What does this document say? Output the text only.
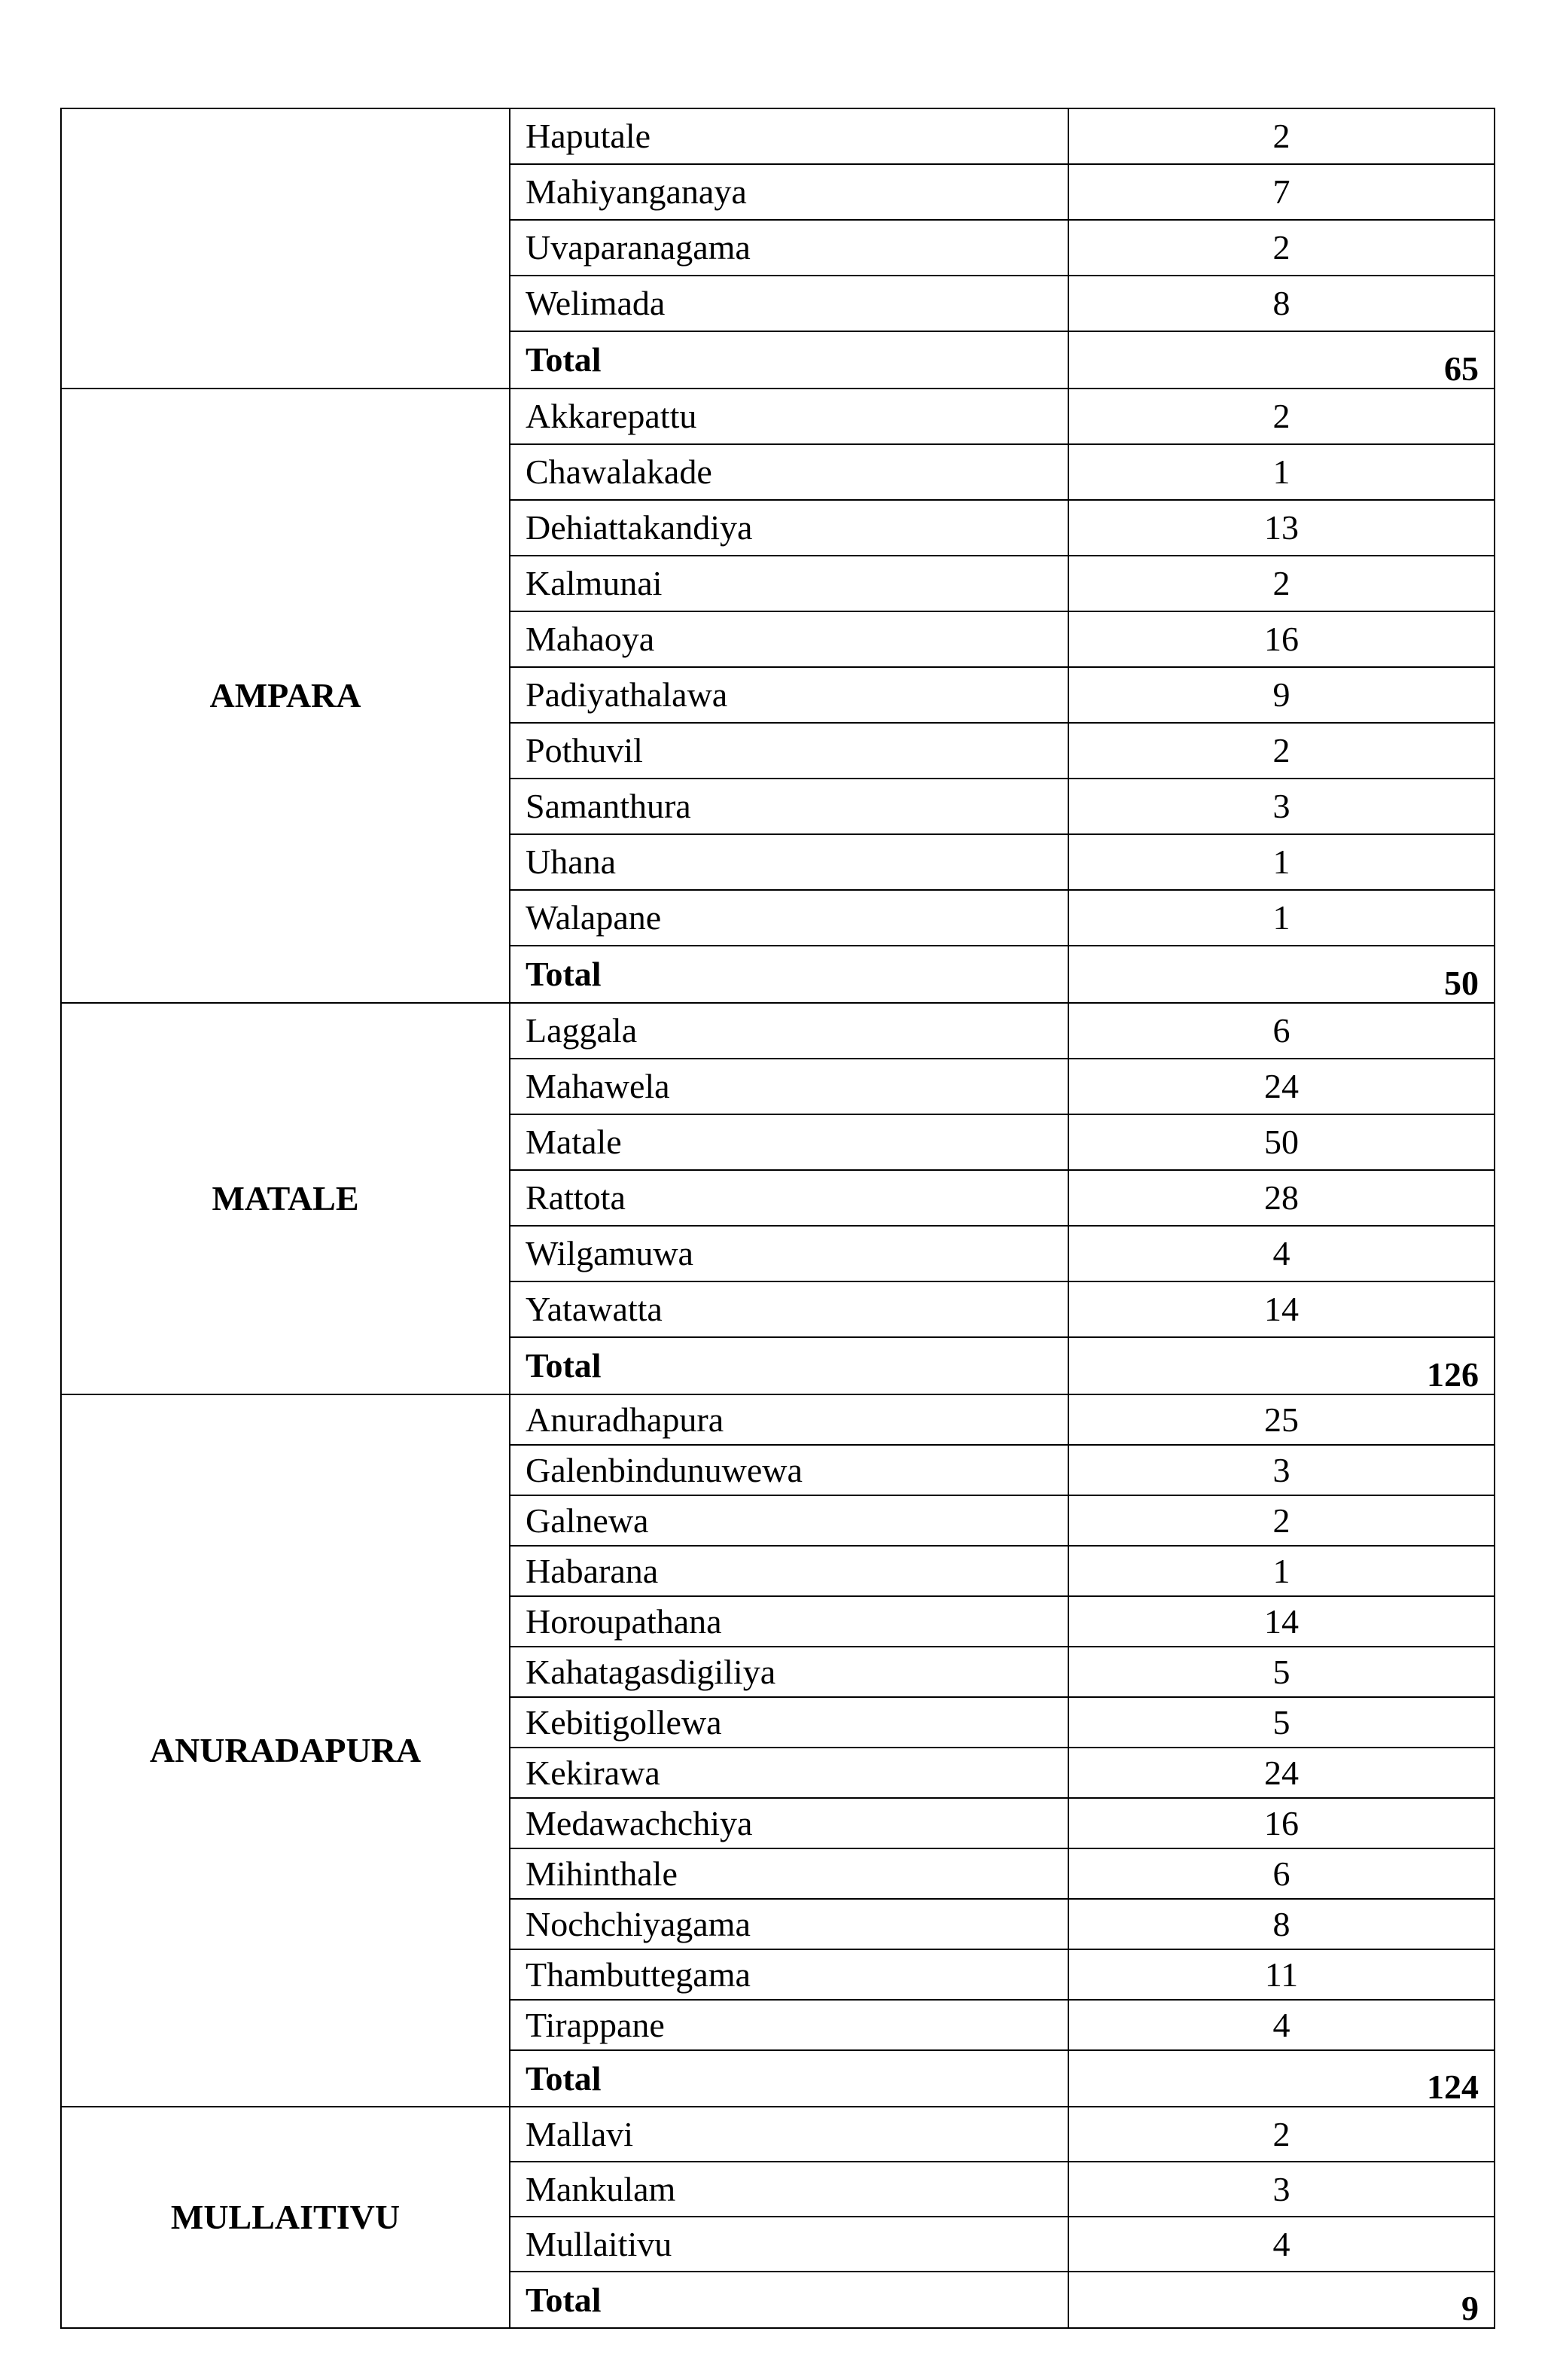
	Haputale	2
	Mahiyanganaya	7
	Uvaparanagama	2
	Welimada	8
	Total	65
AMPARA	Akkarepattu	2
	Chawalakade	1
	Dehiattakandiya	13
	Kalmunai	2
	Mahaoya	16
	Padiyathalawa	9
	Pothuvil	2
	Samanthura	3
	Uhana	1
	Walapane	1
	Total	50
MATALE	Laggala	6
	Mahawela	24
	Matale	50
	Rattota	28
	Wilgamuwa	4
	Yatawatta	14
	Total	126
ANURADAPURA	Anuradhapura	25
	Galenbindunuwewa	3
	Galnewa	2
	Habarana	1
	Horoupathana	14
	Kahatagasdigiliya	5
	Kebitigollewa	5
	Kekirawa	24
	Medawachchiya	16
	Mihinthale	6
	Nochchiyagama	8
	Thambuttegama	11
	Tirappane	4
	Total	124
MULLAITIVU	Mallavi	2
	Mankulam	3
	Mullaitivu	4
	Total	9
